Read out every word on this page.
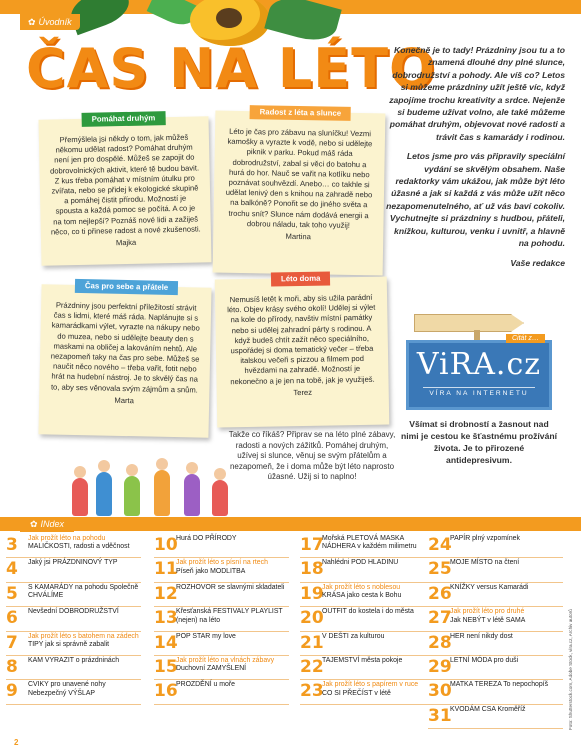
✿ Úvodník
ČAS NA LÉTO

Konečně je to tady! Prázdniny jsou tu a to znamená dlouhé dny plné slunce, dobrodružství a pohody. Ale víš co? Letos si můžeme prázdniny užít ještě víc, když zapojíme trochu kreativity a srdce. Nejenže si budeme užívat volno, ale také můžeme pomáhat druhým, objevovat nové radosti a trávit čas s kamarády i rodinou.

Letos jsme pro vás připravily speciální vydání se skvělým obsahem. Naše redaktorky vám ukážou, jak může být léto úžasné a jak si každá z vás může užít něco nezapomenutelného, ať už vás baví cokoliv. Vychutnejte si prázdniny s hudbou, přáteli, knížkou, kulturou, venku i uvnitř, a hlavně na pohodu.

Vaše redakce

Pomáhat druhým
Přemýšlela jsi někdy o tom, jak můžeš někomu udělat radost? Pomáhat druhým není jen pro dospělé. Můžeš se zapojit do dobrovolnických aktivit, které tě budou bavit. Z kus třeba pomáhat v místním útulku pro zvířata, nebo se přidej k ekologické skupině a pomáhej čistit přírodu. Možností je spousta a každá pomoc se počítá. A co je na tom nejlepší? Poznáš nové lidi a zažiješ něco, co ti přinese radost a nové zkušenosti.
Majka
Radost z léta a slunce
Léto je čas pro zábavu na sluníčku! Vezmi kamošky a vyrazte k vodě, nebo si udělejte piknik v parku. Pokud máš ráda dobrodružství, zabal si věci do batohu a hurá do hor. Nauč se vařit na kotlíku nebo poznávat souhvězdí. Anebo… co takhle si udělat lenivý den s knihou na zahradě nebo na balkóně? Ponořit se do jiného světa a trochu snít? Slunce nám dodává energii a dobrou náladu, tak toho využij!
Martina
Čas pro sebe a přátele
Prázdniny jsou perfektní příležitostí strávit čas s lidmi, které máš ráda. Naplánujte si s kamarádkami výlet, vyrazte na nákupy nebo do muzea, nebo si udělejte beauty den s maskami na obličej a lakováním nehtů. Ale nezapomeň taky na čas pro sebe. Můžeš se naučit něco nového – třeba vařit, fotit nebo hrát na hudební nástroj. Je to skvělý čas na to, aby ses věnovala svým zájmům a snům.
Marta
Léto doma
Nemusíš letět k moři, aby sis užila parádní léto. Objev krásy svého okolí! Udělej si výlet na kole do přírody, navštiv místní památky nebo si udělej zahradní párty s rodinou. A když budeš chtít zažít něco speciálního, uspořádej si doma tematický večer – třeba italskou večeři s pizzou a filmem pod hvězdami na zahradě. Možností je nekonečno a je jen na tobě, jak je využiješ.
Terez
Takže co říkáš? Připrav se na léto plné zábavy, radosti a nových zážitků. Pomáhej druhým, užívej si slunce, věnuj se svým přátelům a nezapomeň, že i doma může být léto naprosto úžasné. Užij si to naplno!
ViRA.cz
VÍRA NA INTERNETU
Citát z…
Všímat si drobností a žasnout nad nimi je cestou ke šťastnému prožívání života. Je to přirozené antidepresivum.
✿ INdex
3	Jak prožít léto na pohodu
MALIČKOSTI, radosti a vděčnost
4	Jaký jsi PRÁZDNINOVÝ TYP
5	S KAMARÁDY na pohodu Společně CHVÁLÍME
6	Nevšední DOBRODRUŽSTVÍ
7	Jak prožít léto s batohem na zádech
TIPY jak si správně zabalit
8	KAM VYRAZIT o prázdninách
9	CVIKY pro unavené nohy Nebezpečný VÝŠLAP
10
Hurá DO PŘÍRODY
11
Jak prožít léto s písní na rtech
Píseň jako MODLITBA
12
ROZHOVOR se slavnými skladateli
13
Křesťanská FESTIVALY PLAYLIST (nejen) na léto
14
POP STAR my love
15
Jak prožít léto na vlnách zábavy
Duchovní ZAMYŠLENÍ
16
PROZDĚNÍ u moře
17
Mořská PLETOVÁ MASKA NÁDHERA v každém milimetru
18
Nahlédni POD HLADINU
19
Jak prožít léto s noblesou
KRÁSA jako cesta k Bohu
20
OUTFIT do kostela i do města
21
V DEŠTI za kulturou
22
TAJEMSTVÍ města pokoje
23
Jak prožít léto s papírem v ruce
CO SI PŘEČÍST v létě
24
PAPÍR plný vzpomínek
25
MOJE MÍSTO na čtení
26
KNÍŽKY versus Kamarádi
27
Jak prožít léto pro druhé
Jak NEBÝT v létě SAMA
28
HER není nikdy dost
29
LETNÍ MÓDA pro duši
30
MATKA TEREZA To nepochopíš
31
KVODÁM CSA Kroměříž
2
Foto: Shutterstock.com, Adobe Stock, vira.cz, Archiv autorů
